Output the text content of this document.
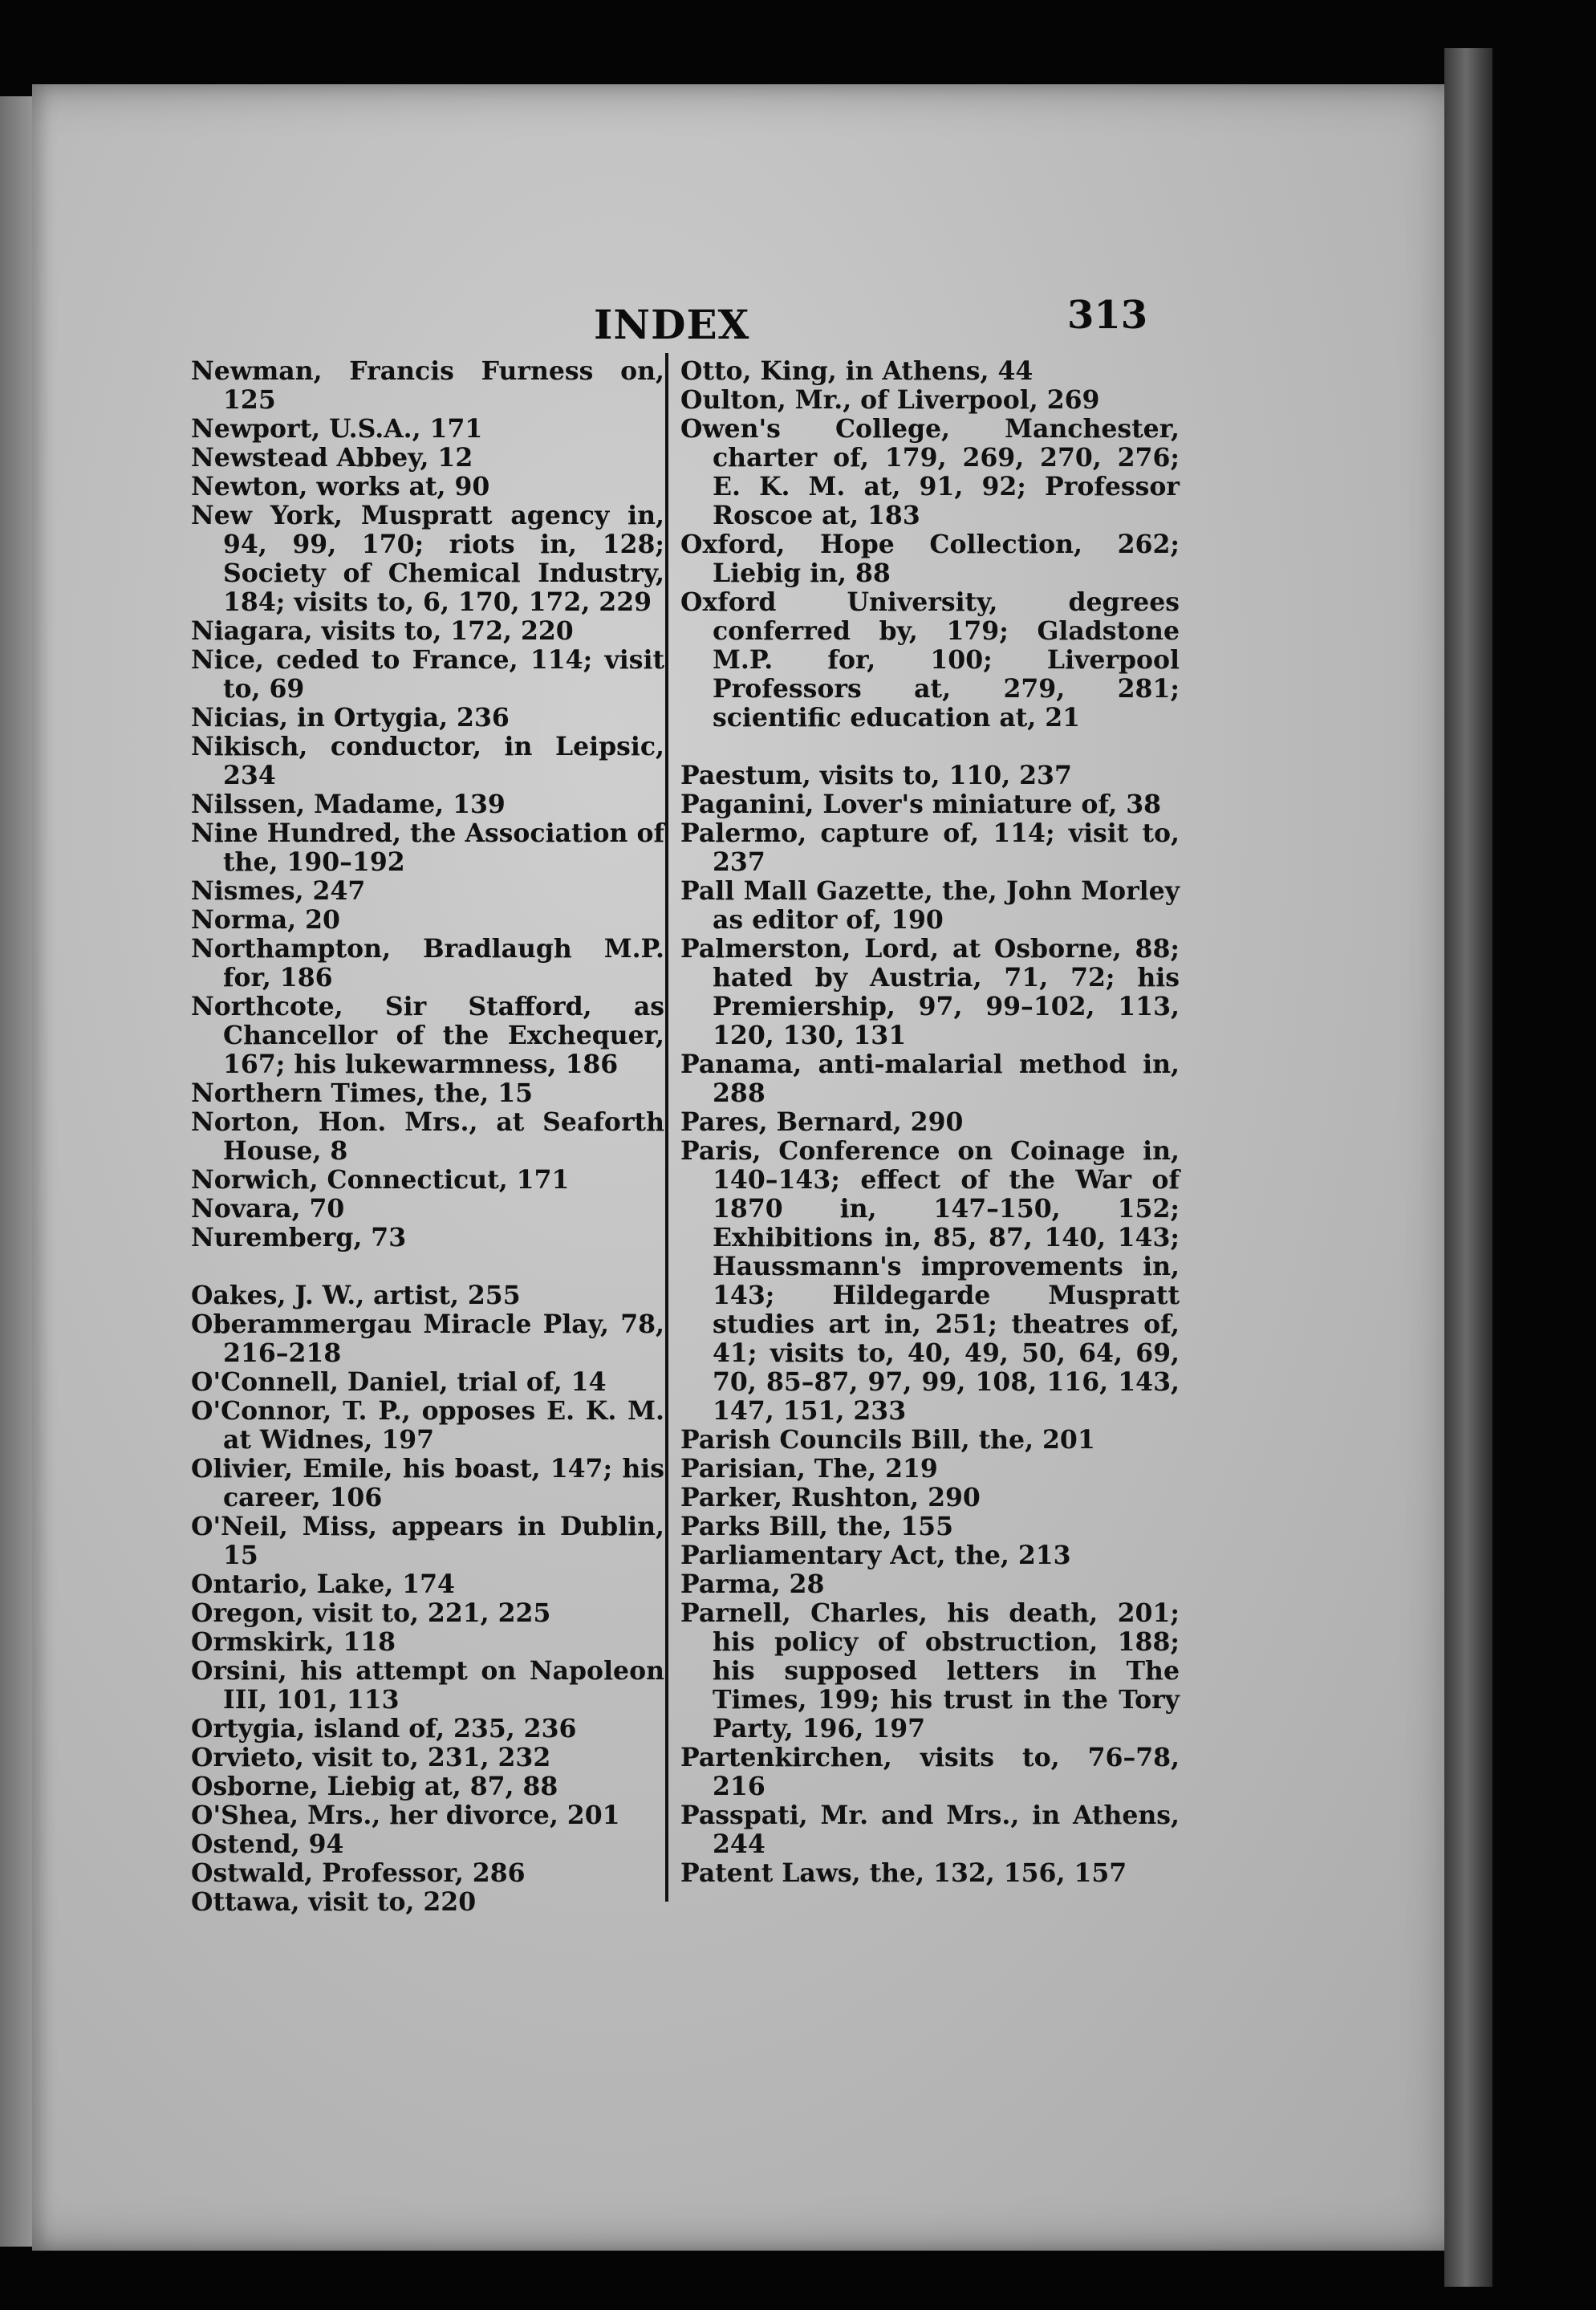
INDEX	313
Newman, Francis Furness on, 125
Newport, U.S.A., 171
Newstead Abbey, 12
Newton, works at, 90
New York, Muspratt agency in, 94, 99, 170; riots in, 128; Society of Chemical Industry, 184; visits to, 6, 170, 172, 229
Niagara, visits to, 172, 220
Nice, ceded to France, 114; visit to, 69
Nicias, in Ortygia, 236
Nikisch, conductor, in Leipsic, 234
Nilssen, Madame, 139
Nine Hundred, the Association of the, 190–192
Nismes, 247
Norma, 20
Northampton, Bradlaugh M.P. for, 186
Northcote, Sir Stafford, as Chancellor of the Exchequer, 167; his lukewarmness, 186
Northern Times, the, 15
Norton, Hon. Mrs., at Seaforth House, 8
Norwich, Connecticut, 171
Novara, 70
Nuremberg, 73
Oakes, J. W., artist, 255
Oberammergau Miracle Play, 78, 216–218
O'Connell, Daniel, trial of, 14
O'Connor, T. P., opposes E. K. M. at Widnes, 197
Olivier, Emile, his boast, 147; his career, 106
O'Neil, Miss, appears in Dublin, 15
Ontario, Lake, 174
Oregon, visit to, 221, 225
Ormskirk, 118
Orsini, his attempt on Napoleon III, 101, 113
Ortygia, island of, 235, 236
Orvieto, visit to, 231, 232
Osborne, Liebig at, 87, 88
O'Shea, Mrs., her divorce, 201
Ostend, 94
Ostwald, Professor, 286
Ottawa, visit to, 220
Otto, King, in Athens, 44
Oulton, Mr., of Liverpool, 269
Owen's College, Manchester, charter of, 179, 269, 270, 276; E. K. M. at, 91, 92; Professor Roscoe at, 183
Oxford, Hope Collection, 262; Liebig in, 88
Oxford University, degrees conferred by, 179; Gladstone M.P. for, 100; Liverpool Professors at, 279, 281; scientific education at, 21
Paestum, visits to, 110, 237
Paganini, Lover's miniature of, 38
Palermo, capture of, 114; visit to, 237
Pall Mall Gazette, the, John Morley as editor of, 190
Palmerston, Lord, at Osborne, 88; hated by Austria, 71, 72; his Premiership, 97, 99–102, 113, 120, 130, 131
Panama, anti-malarial method in, 288
Pares, Bernard, 290
Paris, Conference on Coinage in, 140–143; effect of the War of 1870 in, 147–150, 152; Exhibitions in, 85, 87, 140, 143; Haussmann's improvements in, 143; Hildegarde Muspratt studies art in, 251; theatres of, 41; visits to, 40, 49, 50, 64, 69, 70, 85–87, 97, 99, 108, 116, 143, 147, 151, 233
Parish Councils Bill, the, 201
Parisian, The, 219
Parker, Rushton, 290
Parks Bill, the, 155
Parliamentary Act, the, 213
Parma, 28
Parnell, Charles, his death, 201; his policy of obstruction, 188; his supposed letters in The Times, 199; his trust in the Tory Party, 196, 197
Partenkirchen, visits to, 76–78, 216
Passpati, Mr. and Mrs., in Athens, 244
Patent Laws, the, 132, 156, 157
